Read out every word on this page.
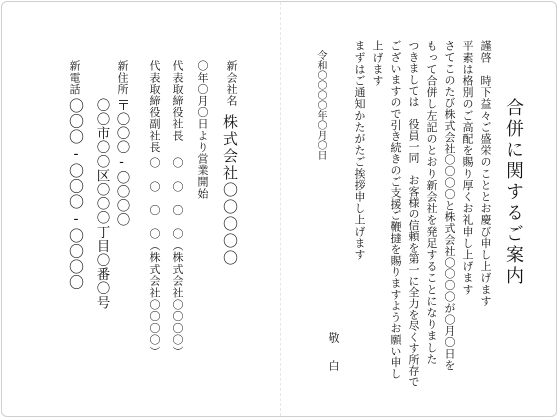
合併に関するご案内
謹啓　時下益々ご盛栄のこととお慶び申し上げます
平素は格別のご高配を賜り厚くお礼申し上げます
さてこのたび株式会社〇〇〇〇と株式会社〇〇〇〇が〇月〇日を
もって合併し左記のとおり新会社を発足することになりました
つきましては　役員一同　お客様の信頼を第一に全力を尽くす所存で
ございますので引き続きのご支援ご鞭撻を賜りますようお願い申し
上げます
まずはご通知かたがたご挨拶申し上げます
令和〇〇〇〇年〇月〇日
敬　白
新会社名
株式会社〇〇〇〇〇
〇年〇月〇日より営業開始
代表取締役社長
〇　〇　〇　〇（株式会社〇〇〇〇）
代表取締役副社長
〇　〇　〇　〇（株式会社〇〇〇〇）
新住所
〒〇〇〇-〇〇〇〇
〇〇市〇〇区〇〇〇丁目〇番〇号
新電話
〇〇〇-〇〇〇-〇〇〇〇
